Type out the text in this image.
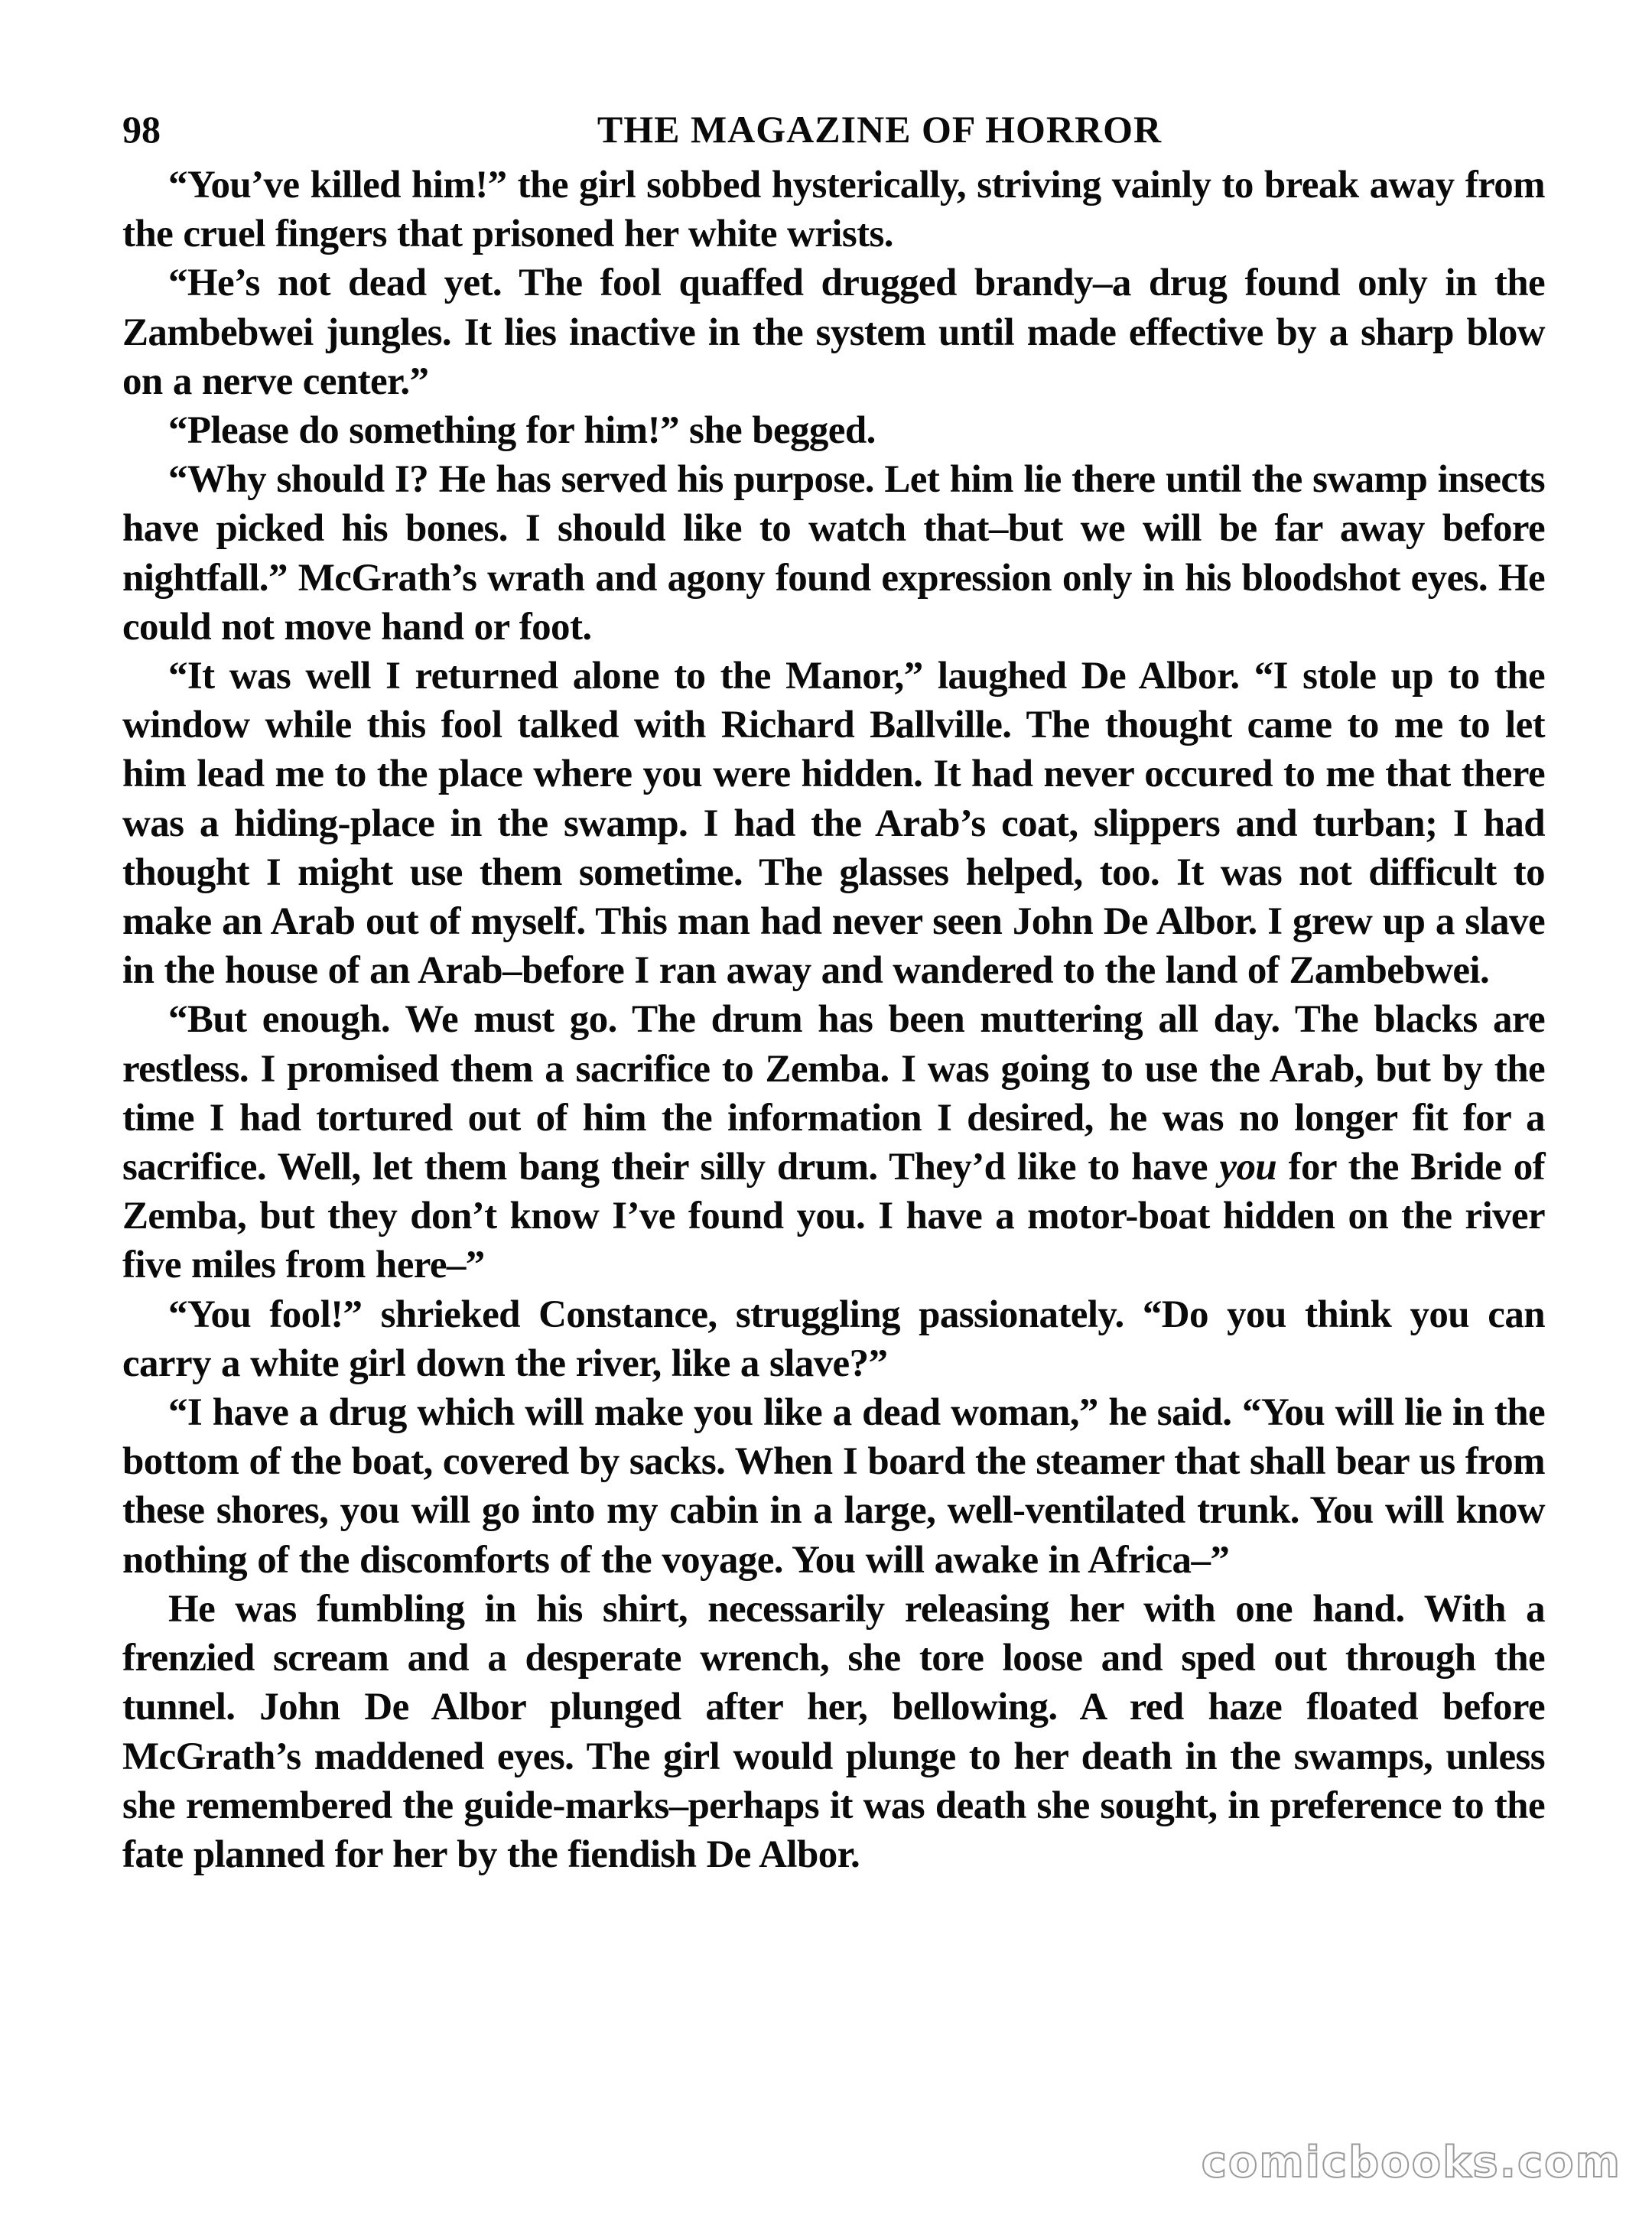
98	THE MAGAZINE OF HORROR

“You’ve killed him!” the girl sobbed hysterically, striving vainly to break away from the cruel fingers that prisoned her white wrists.

“He’s not dead yet. The fool quaffed drugged brandy–a drug found only in the Zambebwei jungles. It lies inactive in the system until made effective by a sharp blow on a nerve center.”

“Please do something for him!” she begged.

“Why should I? He has served his purpose. Let him lie there until the swamp insects have picked his bones. I should like to watch that–but we will be far away before nightfall.” McGrath’s wrath and agony found expression only in his bloodshot eyes. He could not move hand or foot.

“It was well I returned alone to the Manor,” laughed De Albor. “I stole up to the window while this fool talked with Richard Ballville. The thought came to me to let him lead me to the place where you were hidden. It had never occured to me that there was a hiding-place in the swamp. I had the Arab’s coat, slippers and turban; I had thought I might use them sometime. The glasses helped, too. It was not difficult to make an Arab out of myself. This man had never seen John De Albor. I grew up a slave in the house of an Arab–before I ran away and wandered to the land of Zambebwei.

“But enough. We must go. The drum has been muttering all day. The blacks are restless. I promised them a sacrifice to Zemba. I was going to use the Arab, but by the time I had tortured out of him the information I desired, he was no longer fit for a sacrifice. Well, let them bang their silly drum. They’d like to have you for the Bride of Zemba, but they don’t know I’ve found you. I have a motor-boat hidden on the river five miles from here–”

“You fool!” shrieked Constance, struggling passionately. “Do you think you can carry a white girl down the river, like a slave?”

“I have a drug which will make you like a dead woman,” he said. “You will lie in the bottom of the boat, covered by sacks. When I board the steamer that shall bear us from these shores, you will go into my cabin in a large, well-ventilated trunk. You will know nothing of the discomforts of the voyage. You will awake in Africa–”

He was fumbling in his shirt, necessarily releasing her with one hand. With a frenzied scream and a desperate wrench, she tore loose and sped out through the tunnel. John De Albor plunged after her, bellowing. A red haze floated before McGrath’s maddened eyes. The girl would plunge to her death in the swamps, unless she remembered the guide-marks–perhaps it was death she sought, in preference to the fate planned for her by the fiendish De Albor.

comicbooks.com
